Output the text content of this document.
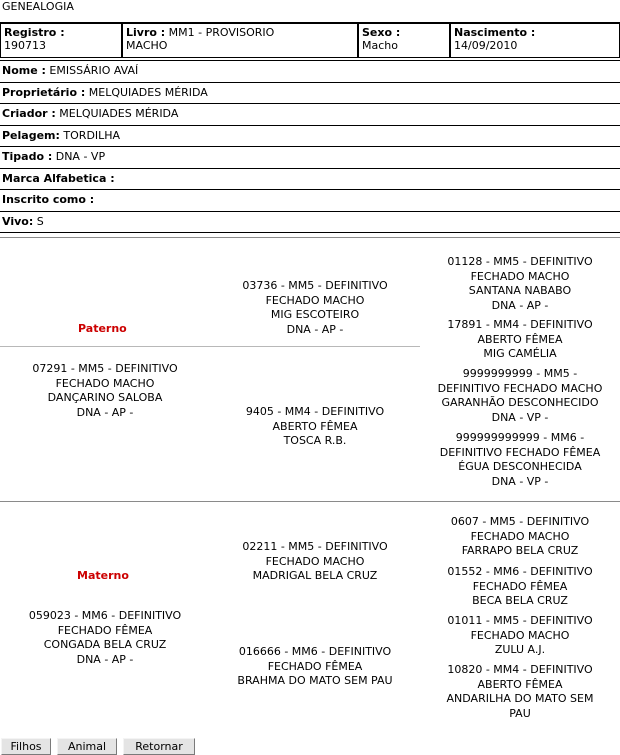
GENEALOGIA
Registro :
190713
Livro : MM1 - PROVISORIO
MACHO
Sexo :
Macho
Nascimento :
14/09/2010
Nome : EMISSÁRIO AVAÍ
Proprietário : MELQUIADES MÉRIDA
Criador : MELQUIADES MÉRIDA
Pelagem: TORDILHA
Tipado : DNA - VP
Marca Alfabetica :
Inscrito como :
Vivo: S
Paterno
07291 - MM5 - DEFINITIVO
FECHADO MACHO
DANÇARINO SALOBA
DNA - AP -
03736 - MM5 - DEFINITIVO
FECHADO MACHO
MIG ESCOTEIRO
DNA - AP -
9405 - MM4 - DEFINITIVO
ABERTO FÊMEA
TOSCA R.B.
01128 - MM5 - DEFINITIVO
FECHADO MACHO
SANTANA NABABO
DNA - AP -
17891 - MM4 - DEFINITIVO
ABERTO FÊMEA
MIG CAMÉLIA
9999999999 - MM5 -
DEFINITIVO FECHADO MACHO
GARANHÃO DESCONHECIDO
DNA - VP -
999999999999 - MM6 -
DEFINITIVO FECHADO FÊMEA
ÉGUA DESCONHECIDA
DNA - VP -
Materno
059023 - MM6 - DEFINITIVO
FECHADO FÊMEA
CONGADA BELA CRUZ
DNA - AP -
02211 - MM5 - DEFINITIVO
FECHADO MACHO
MADRIGAL BELA CRUZ
016666 - MM6 - DEFINITIVO
FECHADO FÊMEA
BRAHMA DO MATO SEM PAU
0607 - MM5 - DEFINITIVO
FECHADO MACHO
FARRAPO BELA CRUZ
01552 - MM6 - DEFINITIVO
FECHADO FÊMEA
BECA BELA CRUZ
01011 - MM5 - DEFINITIVO
FECHADO MACHO
ZULU A.J.
10820 - MM4 - DEFINITIVO
ABERTO FÊMEA
ANDARILHA DO MATO SEM
PAU
Filhos	Animal	Retornar
